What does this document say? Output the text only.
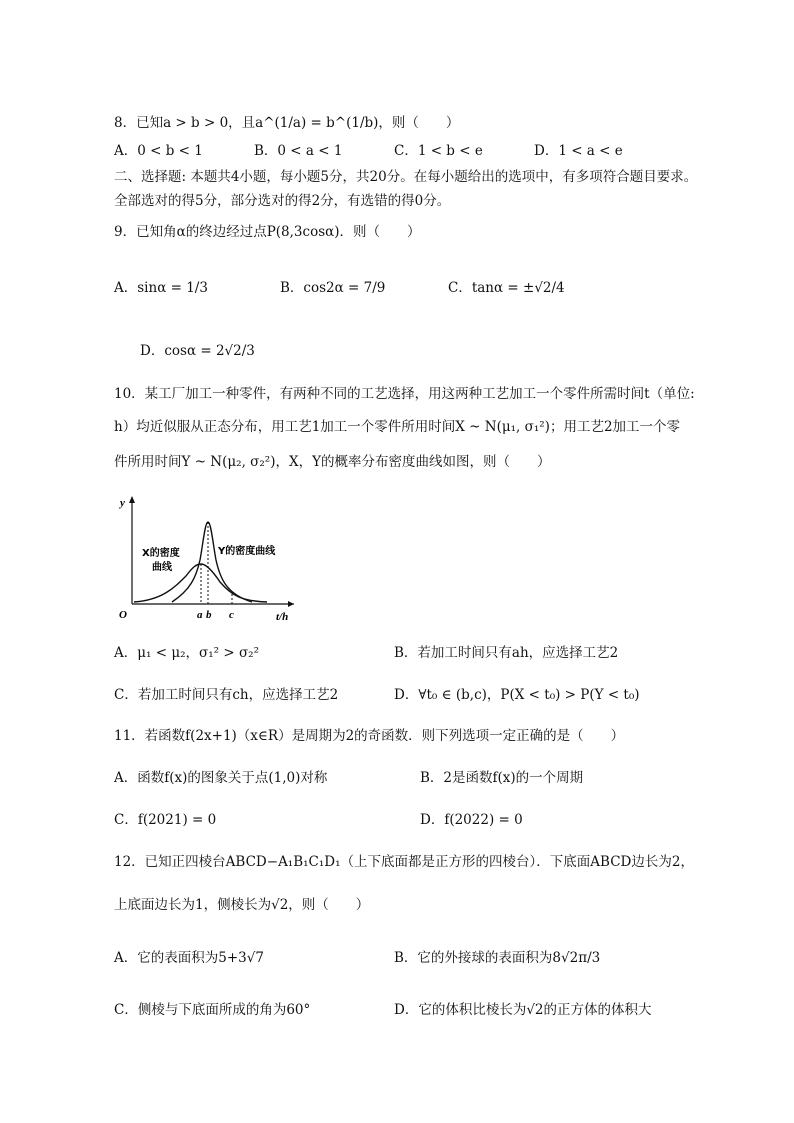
8．已知a > b > 0，且a^(1/a) = b^(1/b)，则（　　）
A．0 < b < 1	B．0 < a < 1	C．1 < b < e	D．1 < a < e
二、选择题: 本题共4小题，每小题5分，共20分。在每小题给出的选项中，有多项符合题目要求。
全部选对的得5分，部分选对的得2分，有选错的得0分。
9．已知角α的终边经过点P(8,3cosα)．则（　　）
A．sinα = 1/3	B．cos2α = 7/9	C．tanα = ±√2/4
D．cosα = 2√2/3
10．某工厂加工一种零件，有两种不同的工艺选择，用这两种工艺加工一个零件所需时间t（单位:
h）均近似服从正态分布，用工艺1加工一个零件所用时间X ~ N(μ₁, σ₁²)；用工艺2加工一个零
件所用时间Y ~ N(μ₂, σ₂²)，X，Y的概率分布密度曲线如图，则（　　）
y
t/h
O
X的密度
曲线
Y的密度曲线
a b c
A．μ₁ < μ₂，σ₁² > σ₂²	B．若加工时间只有ah，应选择工艺2
C．若加工时间只有ch，应选择工艺2	D．∀t₀ ∈ (b,c)，P(X < t₀) > P(Y < t₀)
11．若函数f(2x+1)（x∈R）是周期为2的奇函数．则下列选项一定正确的是（　　）
A．函数f(x)的图象关于点(1,0)对称	B．2是函数f(x)的一个周期
C．f(2021) = 0	D．f(2022) = 0
12．已知正四棱台ABCD−A₁B₁C₁D₁（上下底面都是正方形的四棱台）．下底面ABCD边长为2，
上底面边长为1，侧棱长为√2，则（　　）
A．它的表面积为5+3√7	B．它的外接球的表面积为8√2π/3
C．侧棱与下底面所成的角为60°	D．它的体积比棱长为√2的正方体的体积大
